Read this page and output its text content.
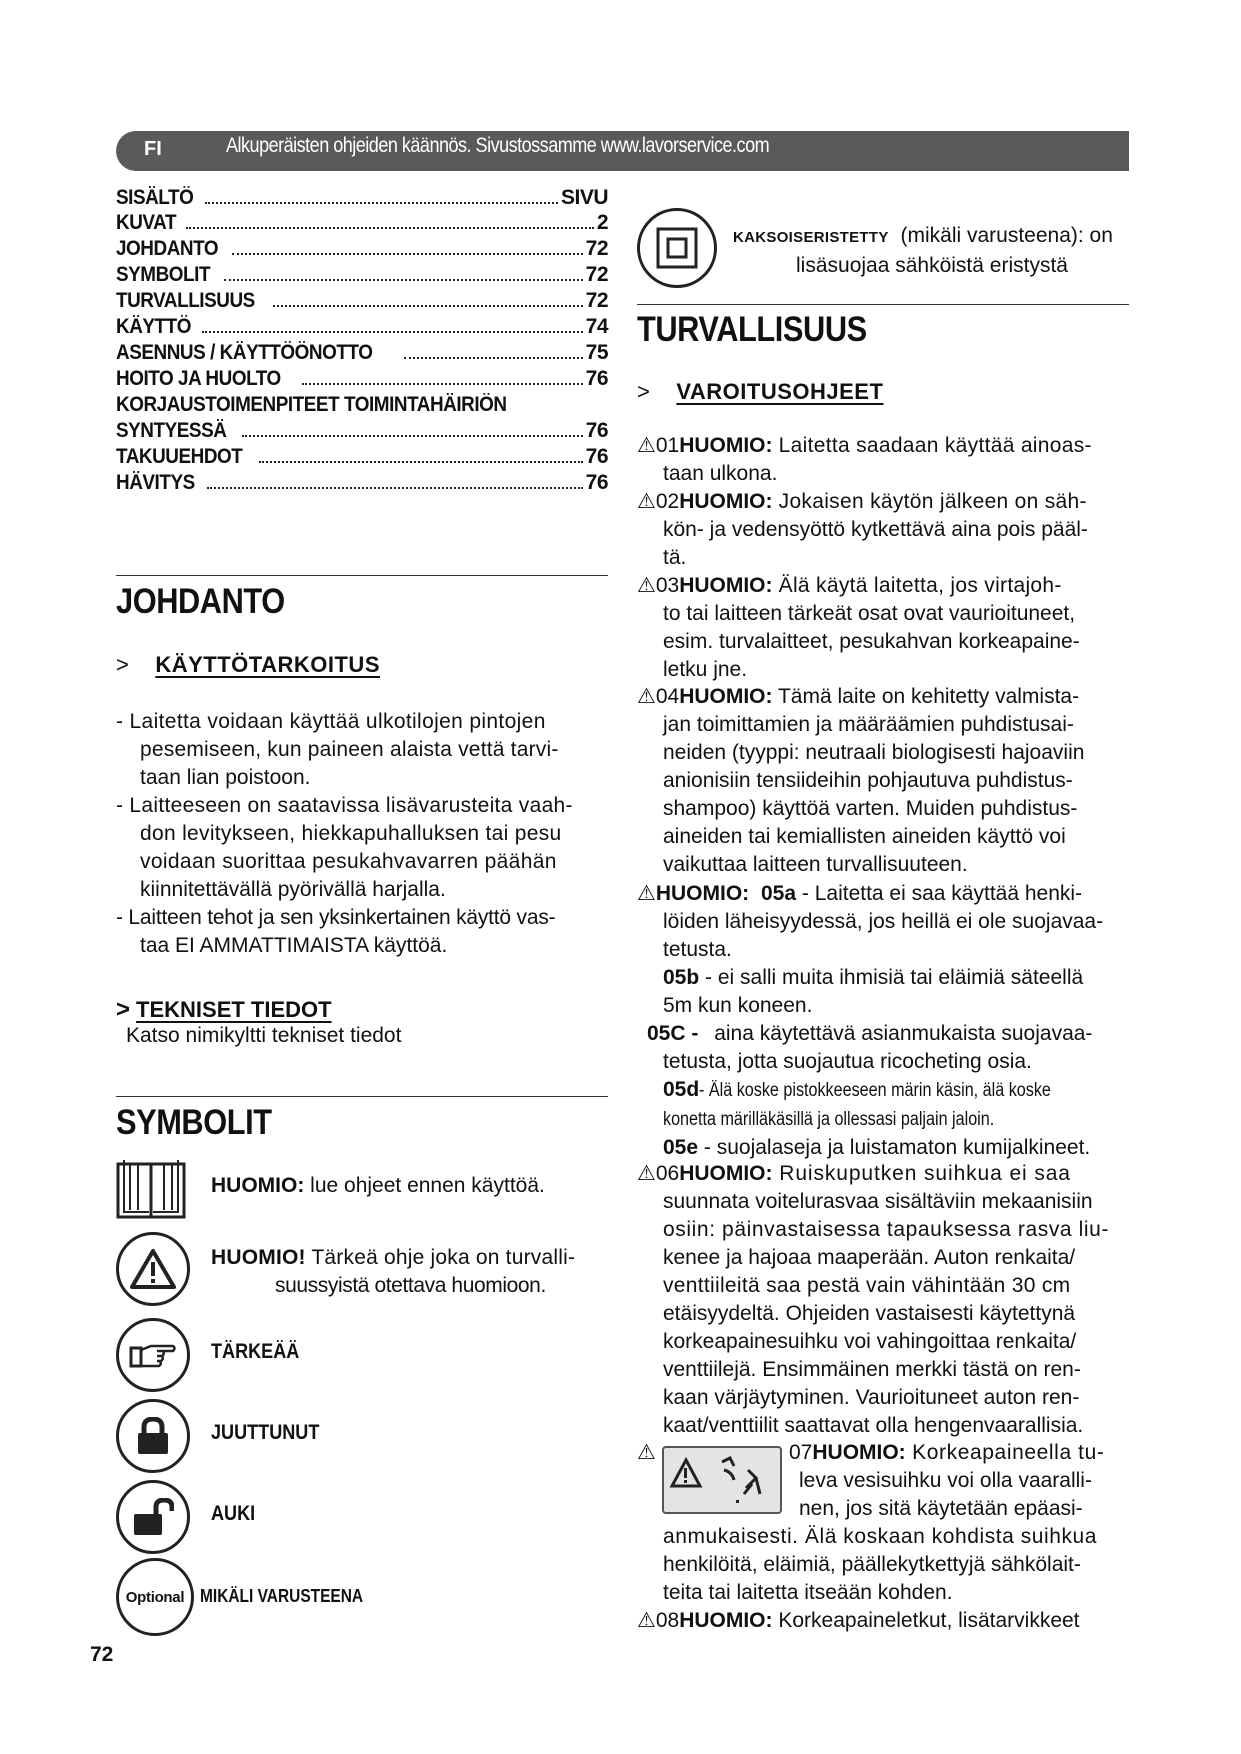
FI	Alkuperäisten ohjeiden käännös. Sivustossamme www.lavorservice.com
SISÄLTÖ	SIVU
KUVAT	2
JOHDANTO	72
SYMBOLIT	72
TURVALLISUUS	72
KÄYTTÖ	74
ASENNUS / KÄYTTÖÖNOTTO	75
HOITO JA HUOLTO	76
KORJAUSTOIMENPITEET TOIMINTAHÄIRIÖN
SYNTYESSÄ	76
TAKUUEHDOT	76
HÄVITYS	76
JOHDANTO
> KÄYTTÖTARKOITUS
- Laitetta voidaan käyttää ulkotilojen pintojen
pesemiseen, kun paineen alaista vettä tarvi-
taan lian poistoon.
- Laitteeseen on saatavissa lisävarusteita vaah-
don levitykseen, hiekkapuhalluksen tai pesu
voidaan suorittaa pesukahvavarren päähän
kiinnitettävällä pyörivällä harjalla.
- Laitteen tehot ja sen yksinkertainen käyttö vas-
taa EI AMMATTIMAISTA käyttöä.
> TEKNISET TIEDOT
Katso nimikyltti tekniset tiedot
SYMBOLIT
HUOMIO: lue ohjeet ennen käyttöä.
HUOMIO! Tärkeä ohje joka on turvalli-
suussyistä otettava huomioon.
TÄRKEÄÄ
JUUTTUNUT
AUKI
Optional MIKÄLI VARUSTEENA
72
KAKSOISERISTETTY (mikäli varusteena): on
lisäsuojaa sähköistä eristystä
TURVALLISUUS
> VAROITUSOHJEET
⚠01HUOMIO: Laitetta saadaan käyttää ainoas-
taan ulkona.
⚠02HUOMIO: Jokaisen käytön jälkeen on säh-
kön- ja vedensyöttö kytkettävä aina pois pääl-
tä.
⚠03HUOMIO: Älä käytä laitetta, jos virtajoh-
to tai laitteen tärkeät osat ovat vaurioituneet,
esim. turvalaitteet, pesukahvan korkeapaine-
letku jne.
⚠04HUOMIO: Tämä laite on kehitetty valmista-
jan toimittamien ja määräämien puhdistusai-
neiden (tyyppi: neutraali biologisesti hajoaviin
anionisiin tensiideihin pohjautuva puhdistus-
shampoo) käyttöä varten. Muiden puhdistus-
aineiden tai kemiallisten aineiden käyttö voi
vaikuttaa laitteen turvallisuuteen.
⚠HUOMIO: 05a - Laitetta ei saa käyttää henki-
löiden läheisyydessä, jos heillä ei ole suojavaa-
tetusta.
05b - ei salli muita ihmisiä tai eläimiä säteellä
5m kun koneen.
05C - aina käytettävä asianmukaista suojavaa-
tetusta, jotta suojautua ricocheting osia.
05d- Älä koske pistokkeeseen märin käsin, älä koske
konetta märilläkäsillä ja ollessasi paljain jaloin.
05e - suojalaseja ja luistamaton kumijalkineet.
⚠06HUOMIO: Ruiskuputken suihkua ei saa
suunnata voitelurasvaa sisältäviin mekaanisiin
osiin: päinvastaisessa tapauksessa rasva liu-
kenee ja hajoaa maaperään. Auton renkaita/
venttiileitä saa pestä vain vähintään 30 cm
etäisyydeltä. Ohjeiden vastaisesti käytettynä
korkeapainesuihku voi vahingoittaa renkaita/
venttiilejä. Ensimmäinen merkki tästä on ren-
kaan värjäytyminen. Vaurioituneet auton ren-
kaat/venttiilit saattavat olla hengenvaarallisia.
⚠	07HUOMIO: Korkeapaineella tu-
leva vesisuihku voi olla vaaralli-
nen, jos sitä käytetään epäasi-
anmukaisesti. Älä koskaan kohdista suihkua
henkilöitä, eläimiä, päällekytkettyjä sähkölait-
teita tai laitetta itseään kohden.
⚠08HUOMIO: Korkeapaineletkut, lisätarvikkeet
